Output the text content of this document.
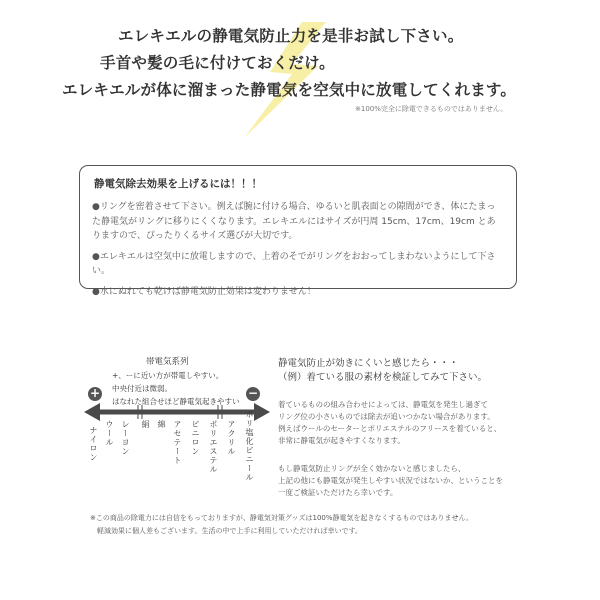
エレキエルの静電気防止力を是非お試し下さい。
手首や髪の毛に付けておくだけ。
エレキエルが体に溜まった静電気を空気中に放電してくれます。
※100%完全に除電できるものではありません。
静電気除去効果を上げるには！！！

●リングを密着させて下さい。例えば腕に付ける場合、ゆるいと肌表面との隙間ができ、体にたまった静電気がリングに移りにくくなります。エレキエルにはサイズが円周 15cm、17cm、19cm とありますので、ぴったりくるサイズ選びが大切です。

●エレキエルは空気中に放電しますので、上着のそでがリングをおおってしまわないようにして下さい。

●水にぬれても乾けば静電気防止効果は変わりません！

帯電気系列
+、ーに近い方が帯電しやすい。
中央付近は微弱。
はなれた組合せほど静電気起きやすい
+	−
ナイロン ウール レーヨン 絹 綿 アセテート ビニロン ポリエステル アクリル ポリ塩化ビニール
静電気防止が効きにくいと感じたら・・・
（例）着ている服の素材を検証してみて下さい。
着ているものの組み合わせによっては、静電気を発生し過ぎて
リング位の小さいものでは除去が追いつかない場合があります。
例えばウールのセーターとポリエステルのフリースを着ていると、
非常に静電気が起きやすくなります。
もし静電気防止リングが全く効かないと感じましたら、
上記の他にも静電気が発生しやすい状況ではないか、ということを
一度ご検証いただけたら幸いです。
※この商品の除電力には自信をもっておりますが、静電気対策グッズは100%静電気を起きなくするものではありません。
軽減効果に個人差もございます。生活の中で上手に利用していただければ幸いです。
